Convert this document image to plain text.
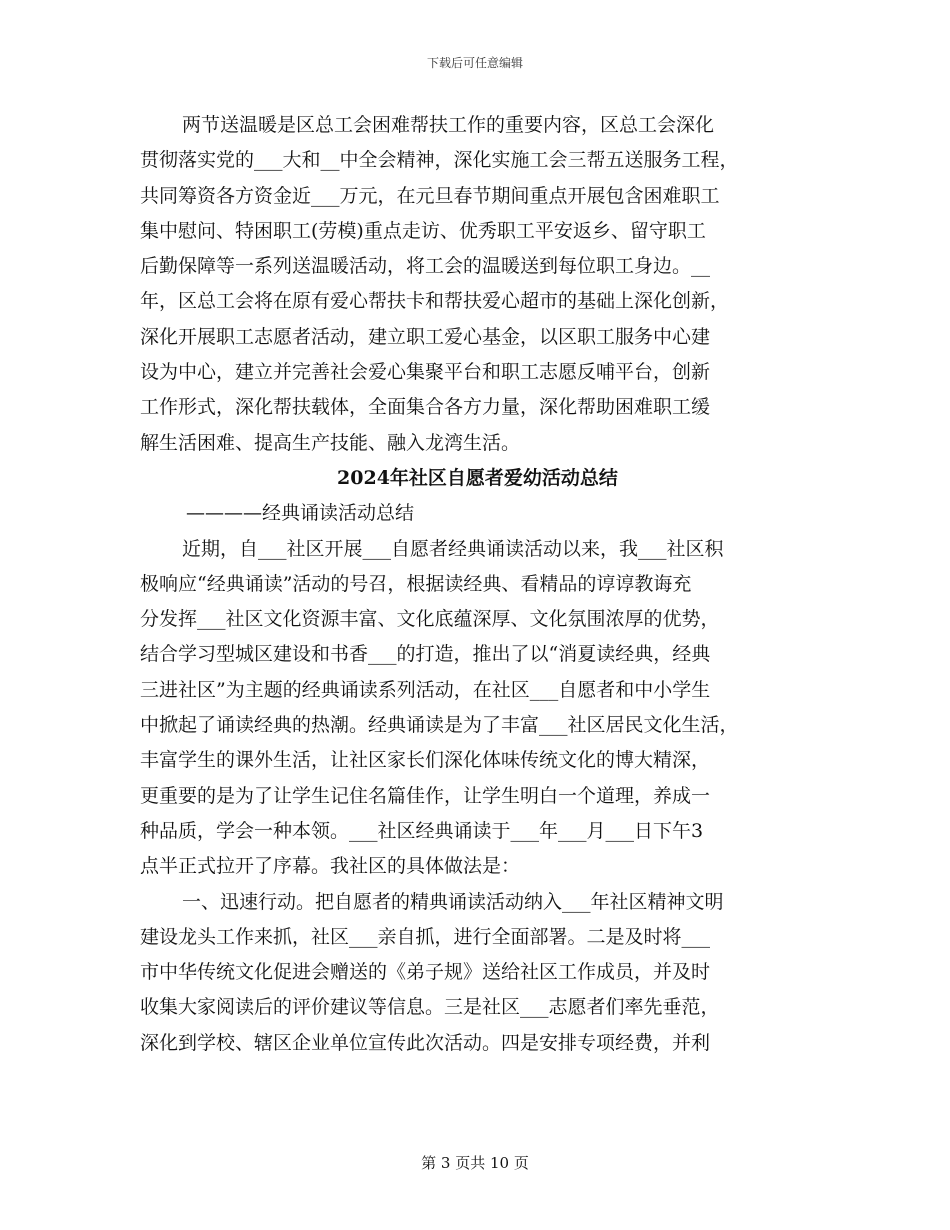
下载后可任意编辑
两节送温暖是区总工会困难帮扶工作的重要内容，区总工会深化
贯彻落实党的___大和__中全会精神，深化实施工会三帮五送服务工程，
共同筹资各方资金近___万元，在元旦春节期间重点开展包含困难职工
集中慰问、特困职工(劳模)重点走访、优秀职工平安返乡、留守职工
后勤保障等一系列送温暖活动，将工会的温暖送到每位职工身边。__
年，区总工会将在原有爱心帮扶卡和帮扶爱心超市的基础上深化创新，
深化开展职工志愿者活动，建立职工爱心基金，以区职工服务中心建
设为中心，建立并完善社会爱心集聚平台和职工志愿反哺平台，创新
工作形式，深化帮扶载体，全面集合各方力量，深化帮助困难职工缓
解生活困难、提高生产技能、融入龙湾生活。
2024年社区自愿者爱幼活动总结
————经典诵读活动总结
近期，自___社区开展___自愿者经典诵读活动以来，我___社区积
极响应“经典诵读”活动的号召，根据读经典、看精品的谆谆教诲充
分发挥___社区文化资源丰富、文化底蕴深厚、文化氛围浓厚的优势，
结合学习型城区建设和书香___的打造，推出了以“消夏读经典，经典
三进社区”为主题的经典诵读系列活动，在社区___自愿者和中小学生
中掀起了诵读经典的热潮。经典诵读是为了丰富___社区居民文化生活，
丰富学生的课外生活，让社区家长们深化体味传统文化的博大精深，
更重要的是为了让学生记住名篇佳作，让学生明白一个道理，养成一
种品质，学会一种本领。___社区经典诵读于___年___月___日下午3
点半正式拉开了序幕。我社区的具体做法是：
一、迅速行动。把自愿者的精典诵读活动纳入___年社区精神文明
建设龙头工作来抓，社区___亲自抓，进行全面部署。二是及时将___
市中华传统文化促进会赠送的《弟子规》送给社区工作成员，并及时
收集大家阅读后的评价建议等信息。三是社区___志愿者们率先垂范，
深化到学校、辖区企业单位宣传此次活动。四是安排专项经费，并利
第 3 页共 10 页
